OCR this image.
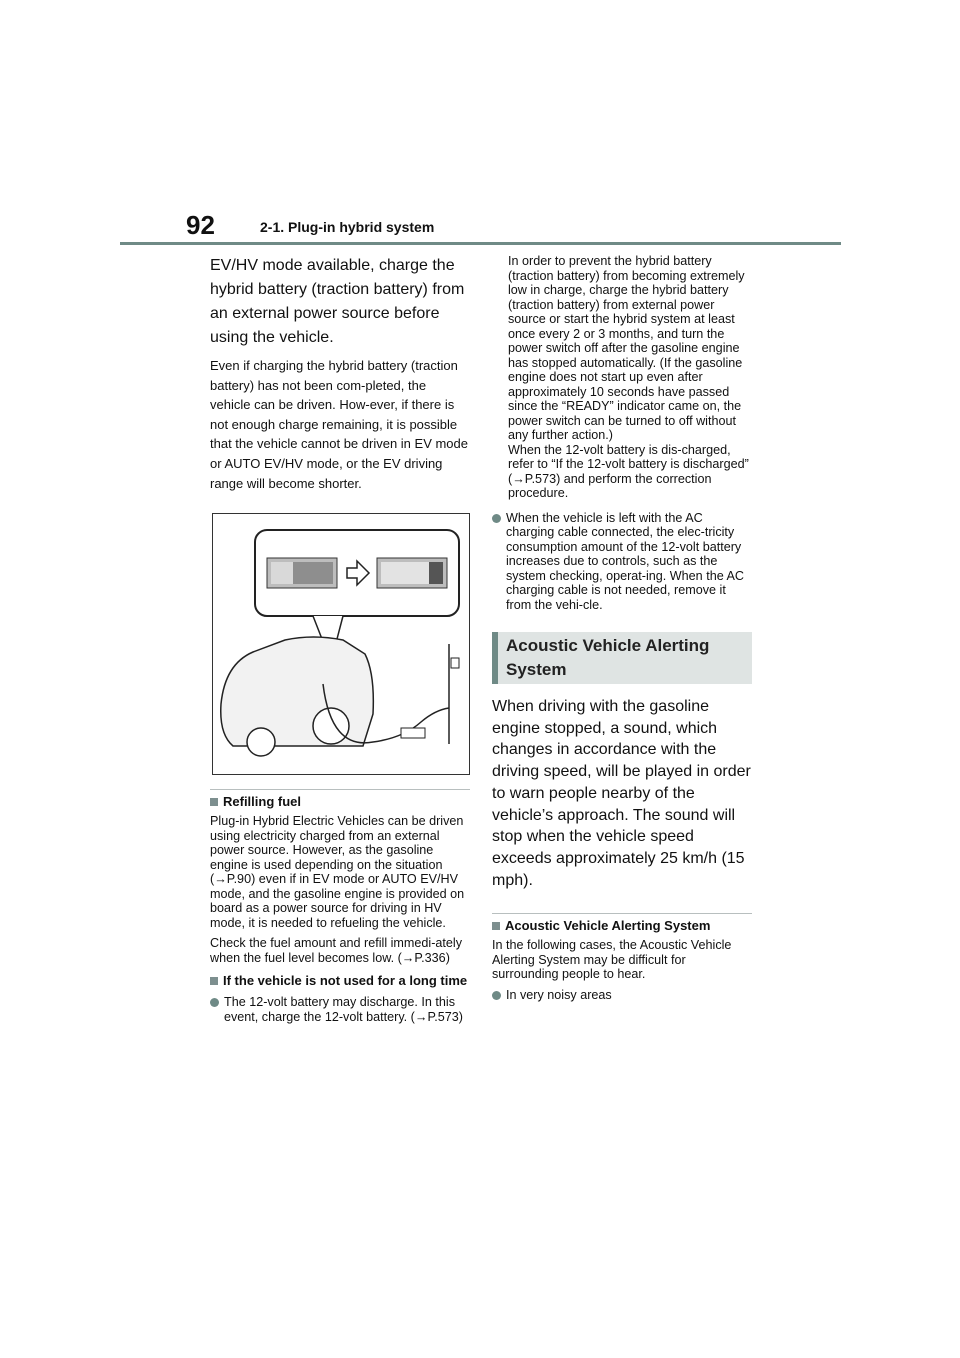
92	2-1. Plug-in hybrid system

EV/HV mode available, charge the hybrid battery (traction battery) from an external power source before using the vehicle.

Even if charging the hybrid battery (traction battery) has not been com-pleted, the vehicle can be driven. How-ever, if there is not enough charge remaining, it is possible that the vehicle cannot be driven in EV mode or AUTO EV/HV mode, or the EV driving range will become shorter.

Refilling fuel

Plug-in Hybrid Electric Vehicles can be driven using electricity charged from an external power source. However, as the gasoline engine is used depending on the situation (→P.90) even if in EV mode or AUTO EV/HV mode, and the gasoline engine is provided on board as a power source for driving in HV mode, it is needed to refueling the vehicle.

Check the fuel amount and refill immedi-ately when the fuel level becomes low. (→P.336)

If the vehicle is not used for a long time

The 12-volt battery may discharge. In this event, charge the 12-volt battery. (→P.573)

In order to prevent the hybrid battery (traction battery) from becoming extremely low in charge, charge the hybrid battery (traction battery) from external power source or start the hybrid system at least once every 2 or 3 months, and turn the power switch off after the gasoline engine has stopped automatically. (If the gasoline engine does not start up even after approximately 10 seconds have passed since the “READY” indicator came on, the power switch can be turned to off without any further action.)

When the 12-volt battery is dis-charged, refer to “If the 12-volt battery is discharged” (→P.573) and perform the correction procedure.

When the vehicle is left with the AC charging cable connected, the elec-tricity consumption amount of the 12-volt battery increases due to controls, such as the system checking, operat-ing. When the AC charging cable is not needed, remove it from the vehi-cle.

Acoustic Vehicle Alerting System

When driving with the gasoline engine stopped, a sound, which changes in accordance with the driving speed, will be played in order to warn people nearby of the vehicle’s approach. The sound will stop when the vehicle speed exceeds approximately 25 km/h (15 mph).

Acoustic Vehicle Alerting System

In the following cases, the Acoustic Vehicle Alerting System may be difficult for surrounding people to hear.

In very noisy areas
